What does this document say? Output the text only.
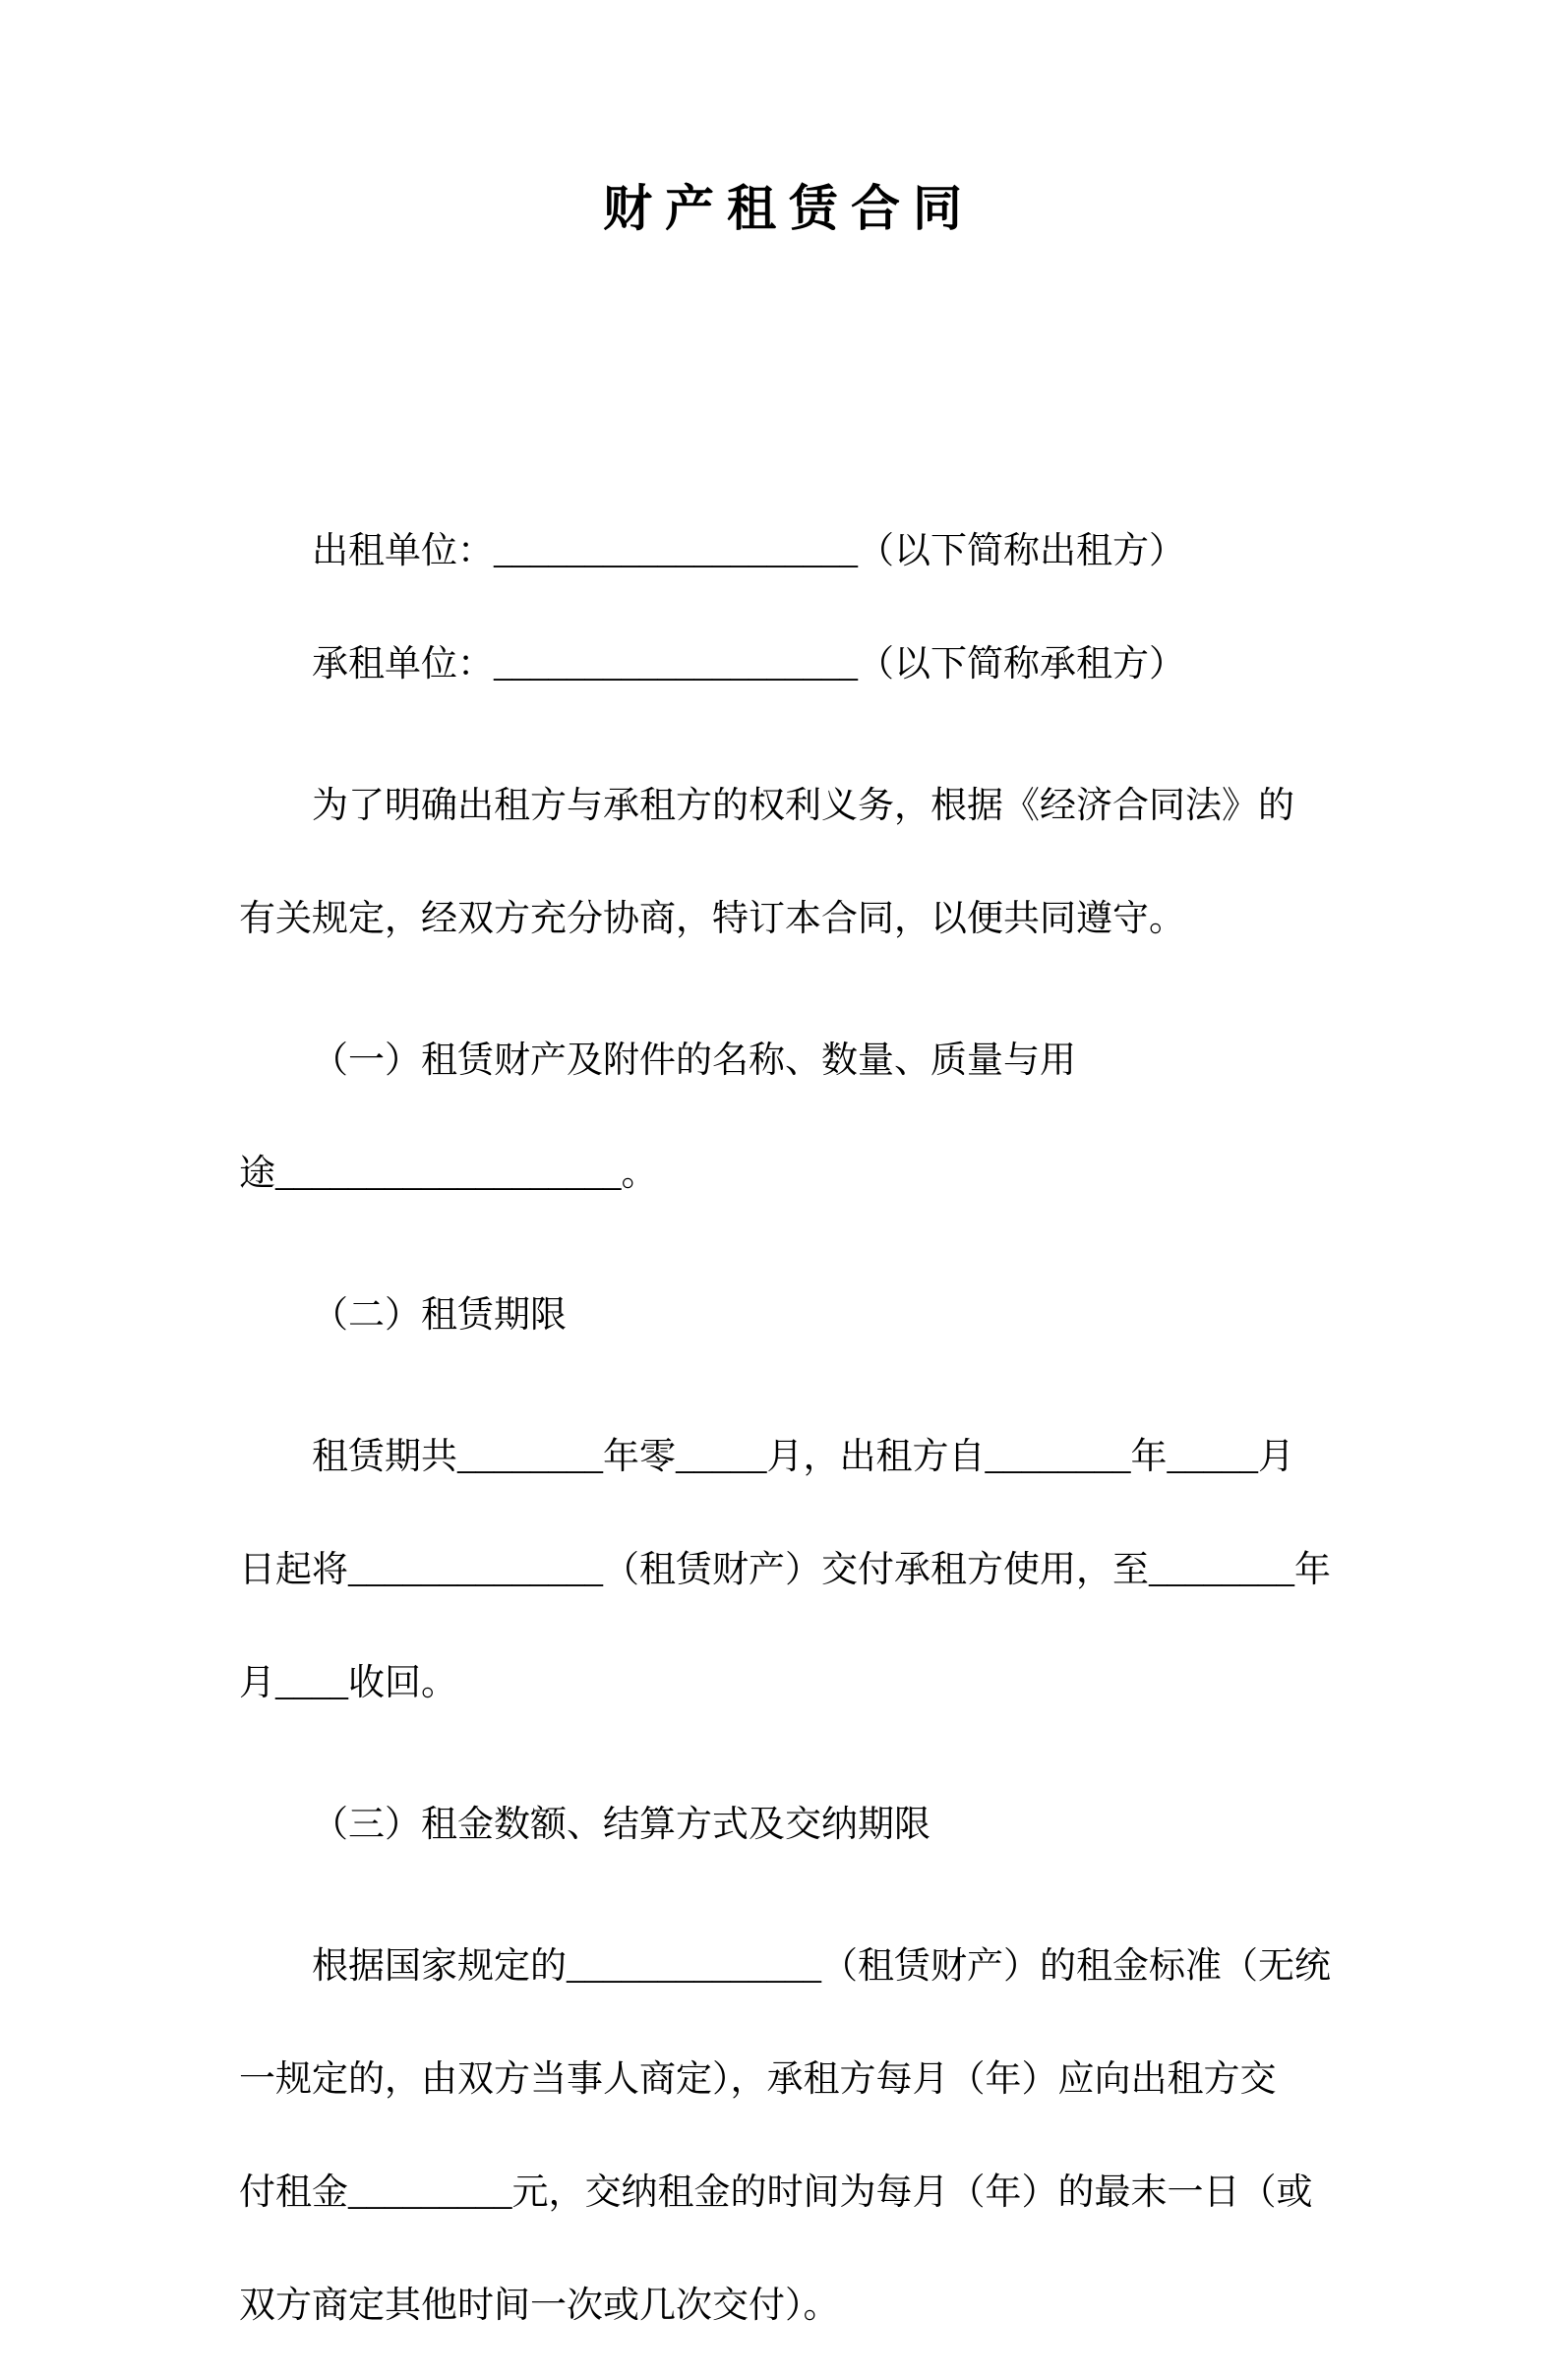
财产租赁合同

出租单位：____________________（以下简称出租方）

承租单位：____________________（以下简称承租方）

为了明确出租方与承租方的权利义务，根据《经济合同法》的

有关规定，经双方充分协商，特订本合同，以便共同遵守。

（一）租赁财产及附件的名称、数量、质量与用

途___________________。

（二）租赁期限

租赁期共________年零_____月，出租方自________年_____月

日起将______________（租赁财产）交付承租方使用，至________年

月____收回。

（三）租金数额、结算方式及交纳期限

根据国家规定的______________（租赁财产）的租金标准（无统

一规定的，由双方当事人商定），承租方每月（年）应向出租方交

付租金_________元，交纳租金的时间为每月（年）的最末一日（或

双方商定其他时间一次或几次交付）。
